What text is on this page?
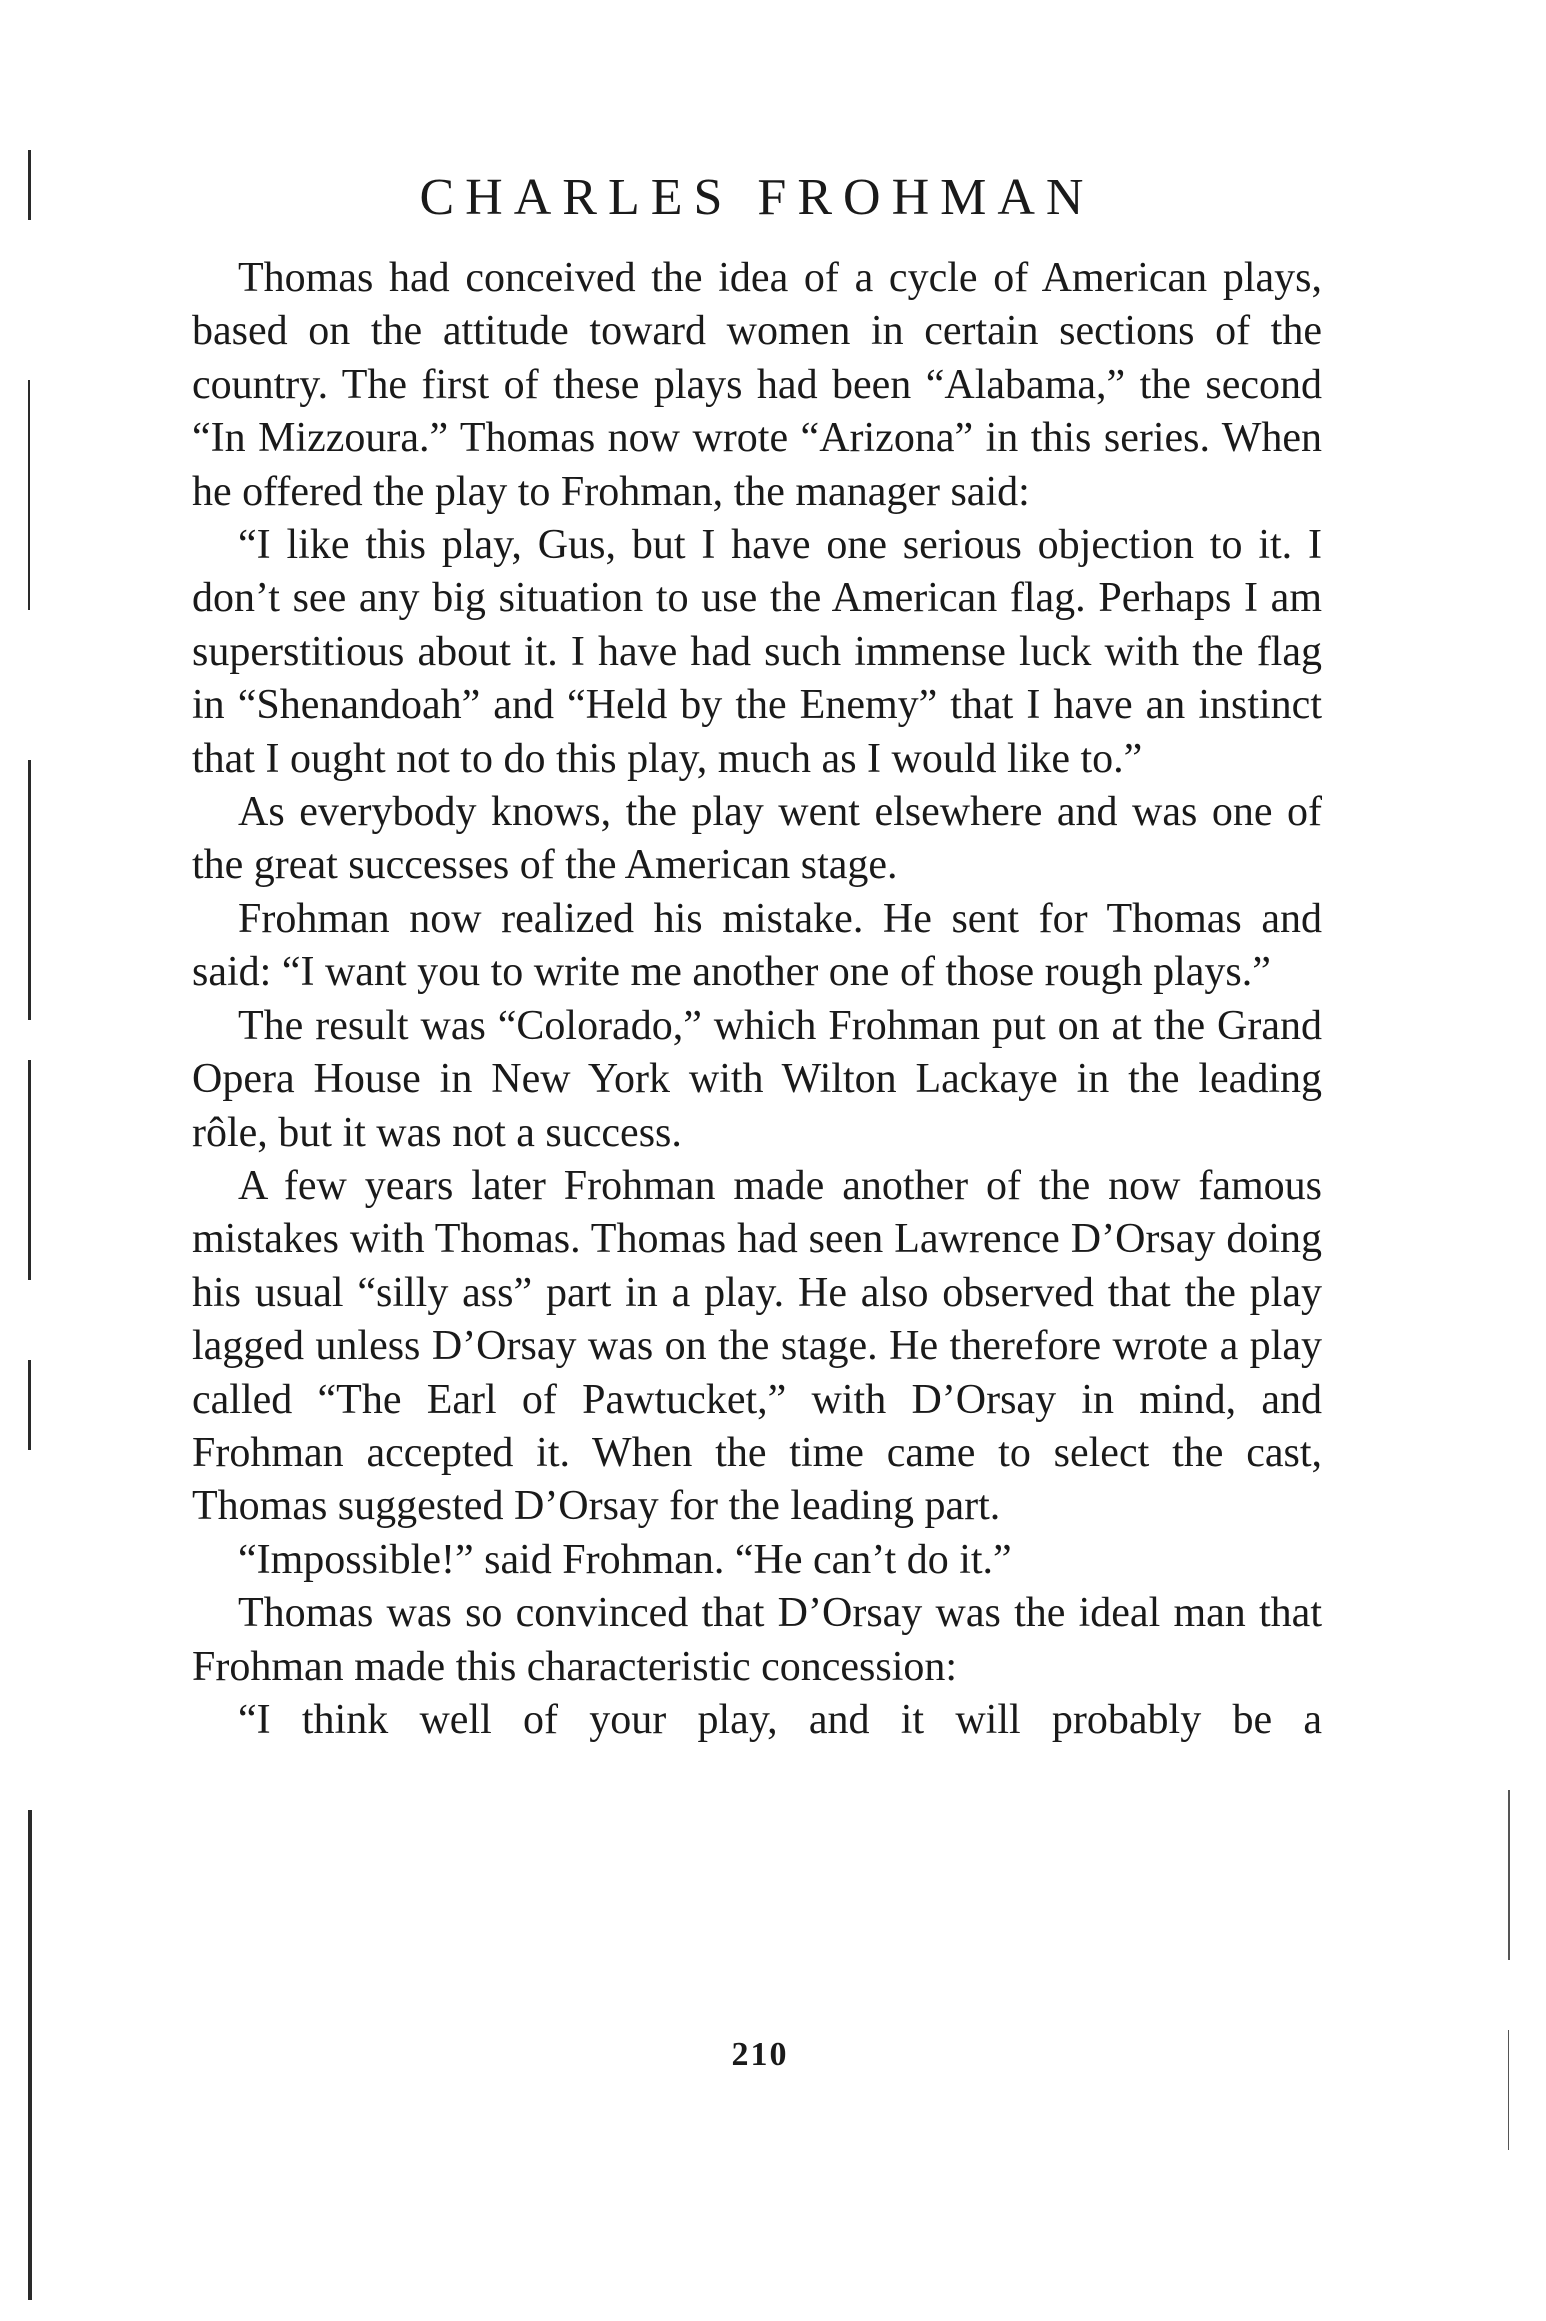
CHARLES FROHMAN

Thomas had conceived the idea of a cycle of American plays, based on the attitude toward women in certain sections of the country. The first of these plays had been “Alabama,” the second “In Mizzoura.” Thomas now wrote “Arizona” in this series. When he offered the play to Frohman, the manager said:

“I like this play, Gus, but I have one serious objection to it. I don’t see any big situation to use the American flag. Perhaps I am superstitious about it. I have had such immense luck with the flag in “Shenandoah” and “Held by the Enemy” that I have an instinct that I ought not to do this play, much as I would like to.”

As everybody knows, the play went elsewhere and was one of the great successes of the American stage.

Frohman now realized his mistake. He sent for Thomas and said: “I want you to write me another one of those rough plays.”

The result was “Colorado,” which Frohman put on at the Grand Opera House in New York with Wilton Lackaye in the leading rôle, but it was not a success.

A few years later Frohman made another of the now famous mistakes with Thomas. Thomas had seen Lawrence D’Orsay doing his usual “silly ass” part in a play. He also observed that the play lagged unless D’Orsay was on the stage. He therefore wrote a play called “The Earl of Pawtucket,” with D’Orsay in mind, and Frohman accepted it. When the time came to select the cast, Thomas suggested D’Orsay for the leading part.

“Impossible!” said Frohman. “He can’t do it.”

Thomas was so convinced that D’Orsay was the ideal man that Frohman made this characteristic concession:

“I think well of your play, and it will probably be a

210
